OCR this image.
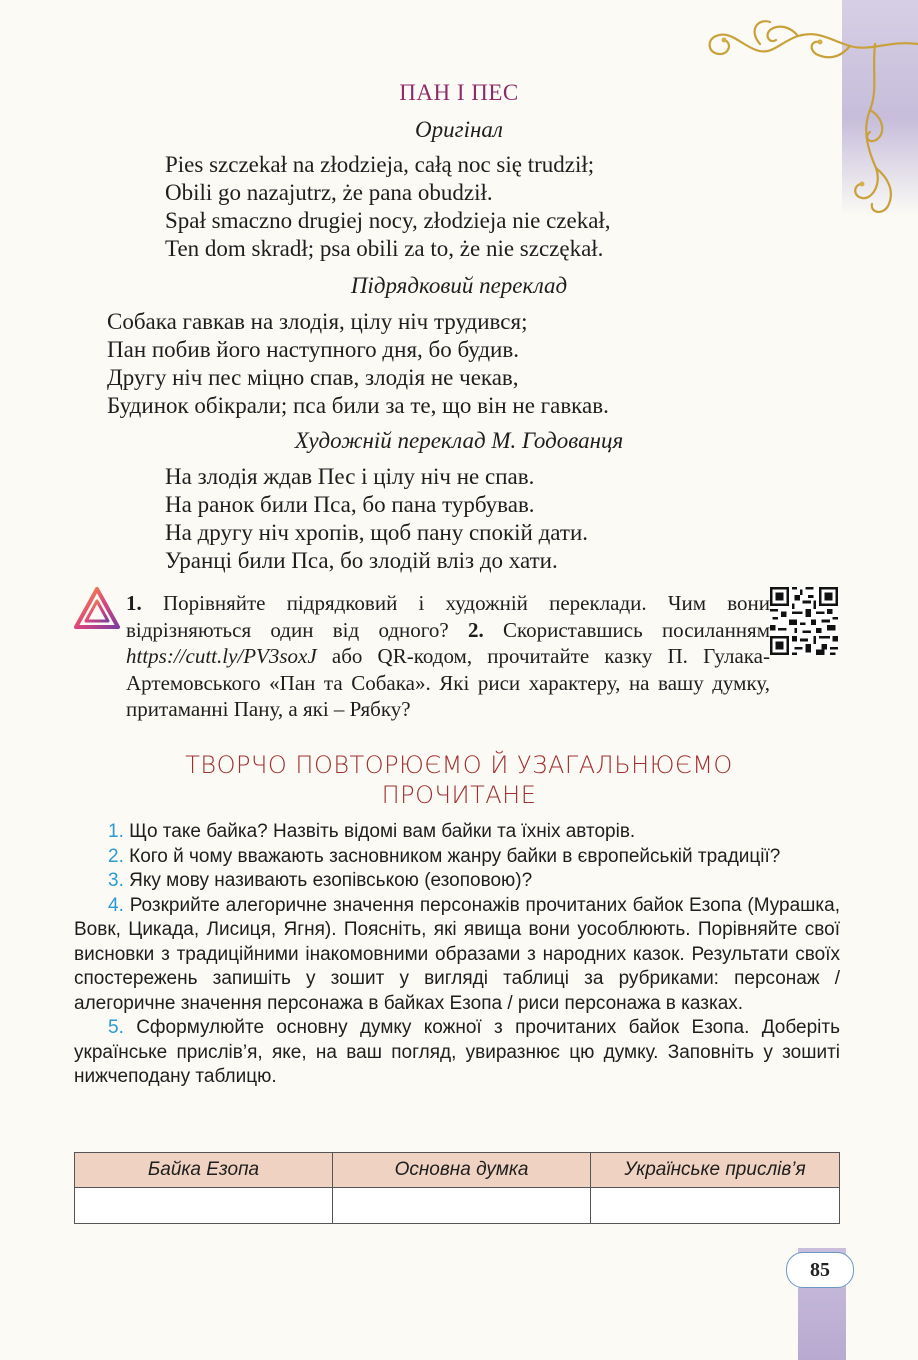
ПАН І ПЕС
Оригінал
Pies szczekał na złodzieja, całą noc się trudził;
Obili go nazajutrz, że pana obudził.
Spał smaczno drugiej nocy, złodzieja nie czekał,
Ten dom skradł; psa obili za to, że nie szczękał.
Підрядковий переклад
Собака гавкав на злодія, цілу ніч трудився;
Пан побив його наступного дня, бо будив.
Другу ніч пес міцно спав, злодія не чекав,
Будинок обікрали; пса били за те, що він не гавкав.
Художній переклад М. Годованця
На злодія ждав Пес і цілу ніч не спав.
На ранок били Пса, бо пана турбував.
На другу ніч хропів, щоб пану спокій дати.
Уранці били Пса, бо злодій вліз до хати.
1. Порівняйте підрядковий і художній переклади. Чим вони відрізняються один від одного? 2. Скориставшись посиланням https://cutt.ly/PV3soxJ або QR-кодом, прочитайте казку П. Гулака-Артемовського «Пан та Собака». Які риси характеру, на вашу думку, притаманні Пану, а які – Рябку?
ТВОРЧО ПОВТОРЮЄМО Й УЗАГАЛЬНЮЄМО
ПРОЧИТАНЕ

1. Що таке байка? Назвіть відомі вам байки та їхніх авторів.

2. Кого й чому вважають засновником жанру байки в європейській традиції?

3. Яку мову називають езопівською (езоповою)?

4. Розкрийте алегоричне значення персонажів прочитаних байок Езопа (Мурашка, Вовк, Цикада, Лисиця, Ягня). Поясніть, які явища вони уособлюють. Порівняйте свої висновки з традиційними інакомовними образами з народних казок. Результати своїх спостережень запишіть у зошит у вигляді таблиці за рубриками: персонаж / алегоричне значення персонажа в байках Езопа / риси персонажа в казках.

5. Сформулюйте основну думку кожної з прочитаних байок Езопа. Доберіть українське прислів’я, яке, на ваш погляд, увиразнює цю думку. Заповніть у зошиті нижчеподану таблицю.

Байка Езопа	Основна думка	Українське прислів’я

85
